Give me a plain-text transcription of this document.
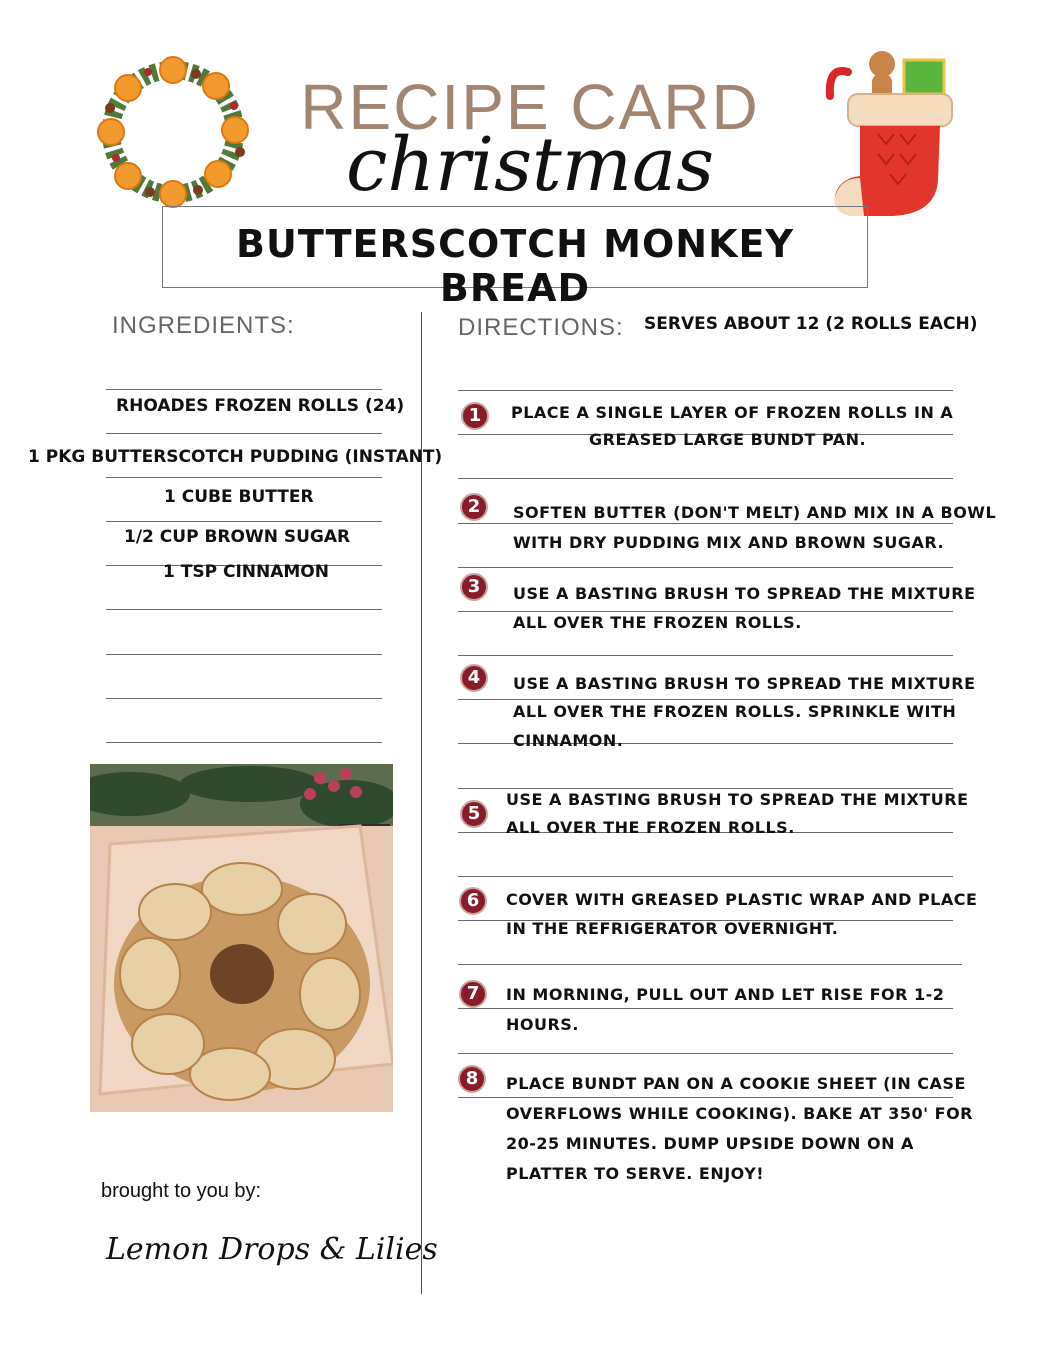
RECIPE CARD
christmas
BUTTERSCOTCH MONKEY BREAD
INGREDIENTS:
RHOADES FROZEN ROLLS (24)
1 PKG BUTTERSCOTCH PUDDING (INSTANT)
1 CUBE BUTTER
1/2 CUP BROWN SUGAR
1 TSP CINNAMON
DIRECTIONS: SERVES ABOUT 12 (2 ROLLS EACH)
1	PLACE A SINGLE LAYER OF FROZEN ROLLS IN A
GREASED LARGE BUNDT PAN.
2	SOFTEN BUTTER (DON'T MELT) AND MIX IN A BOWL
WITH DRY PUDDING MIX AND BROWN SUGAR.
3	USE A BASTING BRUSH TO SPREAD THE MIXTURE
ALL OVER THE FROZEN ROLLS.
4	USE A BASTING BRUSH TO SPREAD THE MIXTURE
ALL OVER THE FROZEN ROLLS. SPRINKLE WITH
CINNAMON.
5
USE A BASTING BRUSH TO SPREAD THE MIXTURE
ALL OVER THE FROZEN ROLLS.
6	COVER WITH GREASED PLASTIC WRAP AND PLACE
IN THE REFRIGERATOR OVERNIGHT.
7	IN MORNING, PULL OUT AND LET RISE FOR 1-2
HOURS.
8	PLACE BUNDT PAN ON A COOKIE SHEET (IN CASE
OVERFLOWS WHILE COOKING). BAKE AT 350' FOR
20-25 MINUTES. DUMP UPSIDE DOWN ON A
PLATTER TO SERVE. ENJOY!
brought to you by:
Lemon Drops & Lilies
